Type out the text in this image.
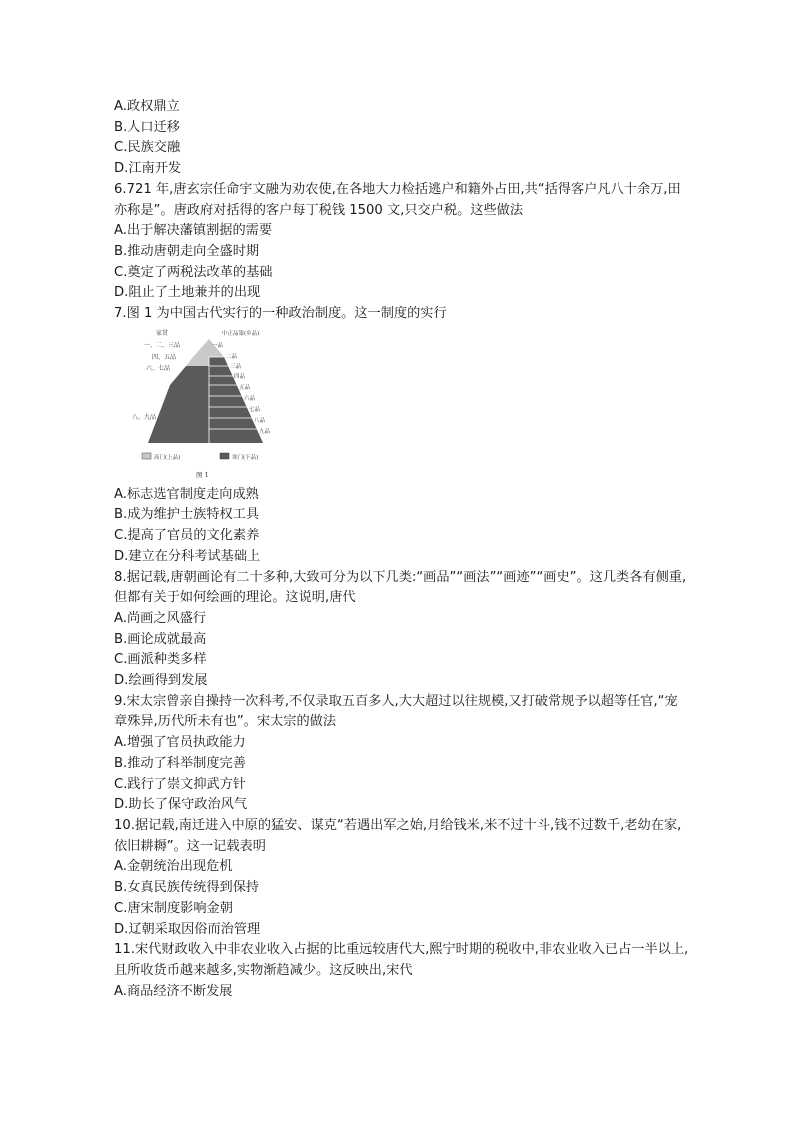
A.政权鼎立
B.人口迁移
C.民族交融
D.江南开发
6.721 年,唐玄宗任命宇文融为劝农使,在各地大力检括逃户和籍外占田,共“括得客户凡八十余万,田亦称是”。唐政府对括得的客户每丁税钱 1500 文,只交户税。这些做法
A.出于解决藩镇割据的需要
B.推动唐朝走向全盛时期
C.奠定了两税法改革的基础
D.阻止了土地兼并的出现
7.图 1 为中国古代实行的一种政治制度。这一制度的实行
家贯	中正品第(乡品)
一、二、三品
四、五品
六、七品
八、九品
一品
二品
三品
四品
五品
六品
七品
八品
九品
高门(上品)	寒门(下品)
图 1
A.标志选官制度走向成熟
B.成为维护士族特权工具
C.提高了官员的文化素养
D.建立在分科考试基础上
8.据记载,唐朝画论有二十多种,大致可分为以下几类:“画品”“画法”“画迹”“画史”。这几类各有侧重,但都有关于如何绘画的理论。这说明,唐代
A.尚画之风盛行
B.画论成就最高
C.画派种类多样
D.绘画得到发展
9.宋太宗曾亲自操持一次科考,不仅录取五百多人,大大超过以往规模,又打破常规予以超等任官,“宠章殊异,历代所未有也”。宋太宗的做法
A.增强了官员执政能力
B.推动了科举制度完善
C.践行了崇文抑武方针
D.助长了保守政治风气
10.据记载,南迁进入中原的猛安、谋克“若遇出军之始,月给钱米,米不过十斗,钱不过数千,老幼在家,依旧耕耨”。这一记载表明
A.金朝统治出现危机
B.女真民族传统得到保持
C.唐宋制度影响金朝
D.辽朝采取因俗而治管理
11.宋代财政收入中非农业收入占据的比重远较唐代大,熙宁时期的税收中,非农业收入已占一半以上,且所收货币越来越多,实物渐趋减少。这反映出,宋代
A.商品经济不断发展
